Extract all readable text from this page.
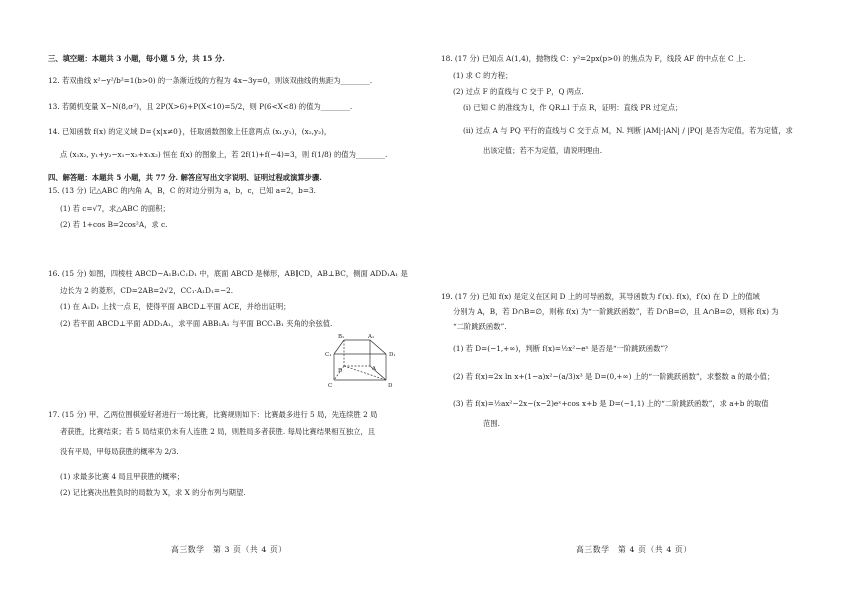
三、填空题：本题共 3 小题，每小题 5 分，共 15 分.
12. 若双曲线 x²−y²/b²=1(b>0) 的一条渐近线的方程为 4x−3y=0，则该双曲线的焦距为________.
13. 若随机变量 X∼N(8,σ²)，且 2P(X>6)+P(X<10)=5/2，则 P(6<X<8) 的值为________.
14. 已知函数 f(x) 的定义域 D={x|x≠0}，任取函数图象上任意两点 (x₁,y₁)，(x₂,y₂)，
点 (x₁x₂, y₁+y₂−x₁−x₂+x₁x₂) 恒在 f(x) 的图象上，若 2f(1)+f(−4)=3，则 f(1/8) 的值为________.
四、解答题：本题共 5 小题，共 77 分. 解答应写出文字说明、证明过程或演算步骤.
15. (13 分) 记△ABC 的内角 A，B，C 的对边分别为 a，b，c，已知 a=2，b=3.
(1) 若 c=√7，求△ABC 的面积；
(2) 若 1+cos B=2cos²A，求 c.
16. (15 分) 如图，四棱柱 ABCD−A₁B₁C₁D₁ 中，底面 ABCD 是梯形，AB∥CD，AB⊥BC，侧面 ADD₁A₁ 是
边长为 2 的菱形，CD=2AB=2√2，CC₁·A₁D₁=−2.
(1) 在 A₁D₁ 上找一点 E，使得平面 ABCD⊥平面 ACE，并给出证明；
(2) 若平面 ABCD⊥平面 ADD₁A₁，求平面 ABB₁A₁ 与平面 BCC₁B₁ 夹角的余弦值.
B₁	A₁
C₁	D₁
B	A
C	D
17. (15 分) 甲、乙两位围棋爱好者进行一场比赛，比赛规则如下：比赛最多进行 5 局，先连续胜 2 局
者获胜，比赛结束；若 5 局结束仍未有人连胜 2 局，则胜局多者获胜. 每局比赛结果相互独立，且
没有平局，甲每局获胜的概率为 2/3.
(1) 求最多比赛 4 局且甲获胜的概率；
(2) 记比赛决出胜负时的局数为 X，求 X 的分布列与期望.
高三数学　第 3 页（共 4 页）
18. (17 分) 已知点 A(1,4)，抛物线 C：y²=2px(p>0) 的焦点为 F，线段 AF 的中点在 C 上.
(1) 求 C 的方程；
(2) 过点 F 的直线与 C 交于 P，Q 两点.
(i) 已知 C 的准线为 l，作 QR⊥l 于点 R，证明：直线 PR 过定点；
(ii) 过点 A 与 PQ 平行的直线与 C 交于点 M，N. 判断 |AM|·|AN| / |PQ| 是否为定值，若为定值，求
出该定值；若不为定值，请说明理由.
19. (17 分) 已知 f(x) 是定义在区间 D 上的可导函数，其导函数为 f′(x). f(x)，f′(x) 在 D 上的值域
分别为 A，B，若 D∩B=∅，则称 f(x) 为“一阶跳跃函数”，若 D∩B=∅，且 A∩B=∅，则称 f(x) 为
“二阶跳跃函数”.
(1) 若 D=(−1,+∞)，判断 f(x)=½x²−eˣ 是否是“一阶跳跃函数”？
(2) 若 f(x)=2x ln x+(1−a)x²−(a/3)x³ 是 D=(0,+∞) 上的“一阶跳跃函数”，求整数 a 的最小值；
(3) 若 f(x)=½ax²−2x−(x−2)eˣ+cos x+b 是 D=(−1,1) 上的“二阶跳跃函数”，求 a+b 的取值
范围.
高三数学　第 4 页（共 4 页）
